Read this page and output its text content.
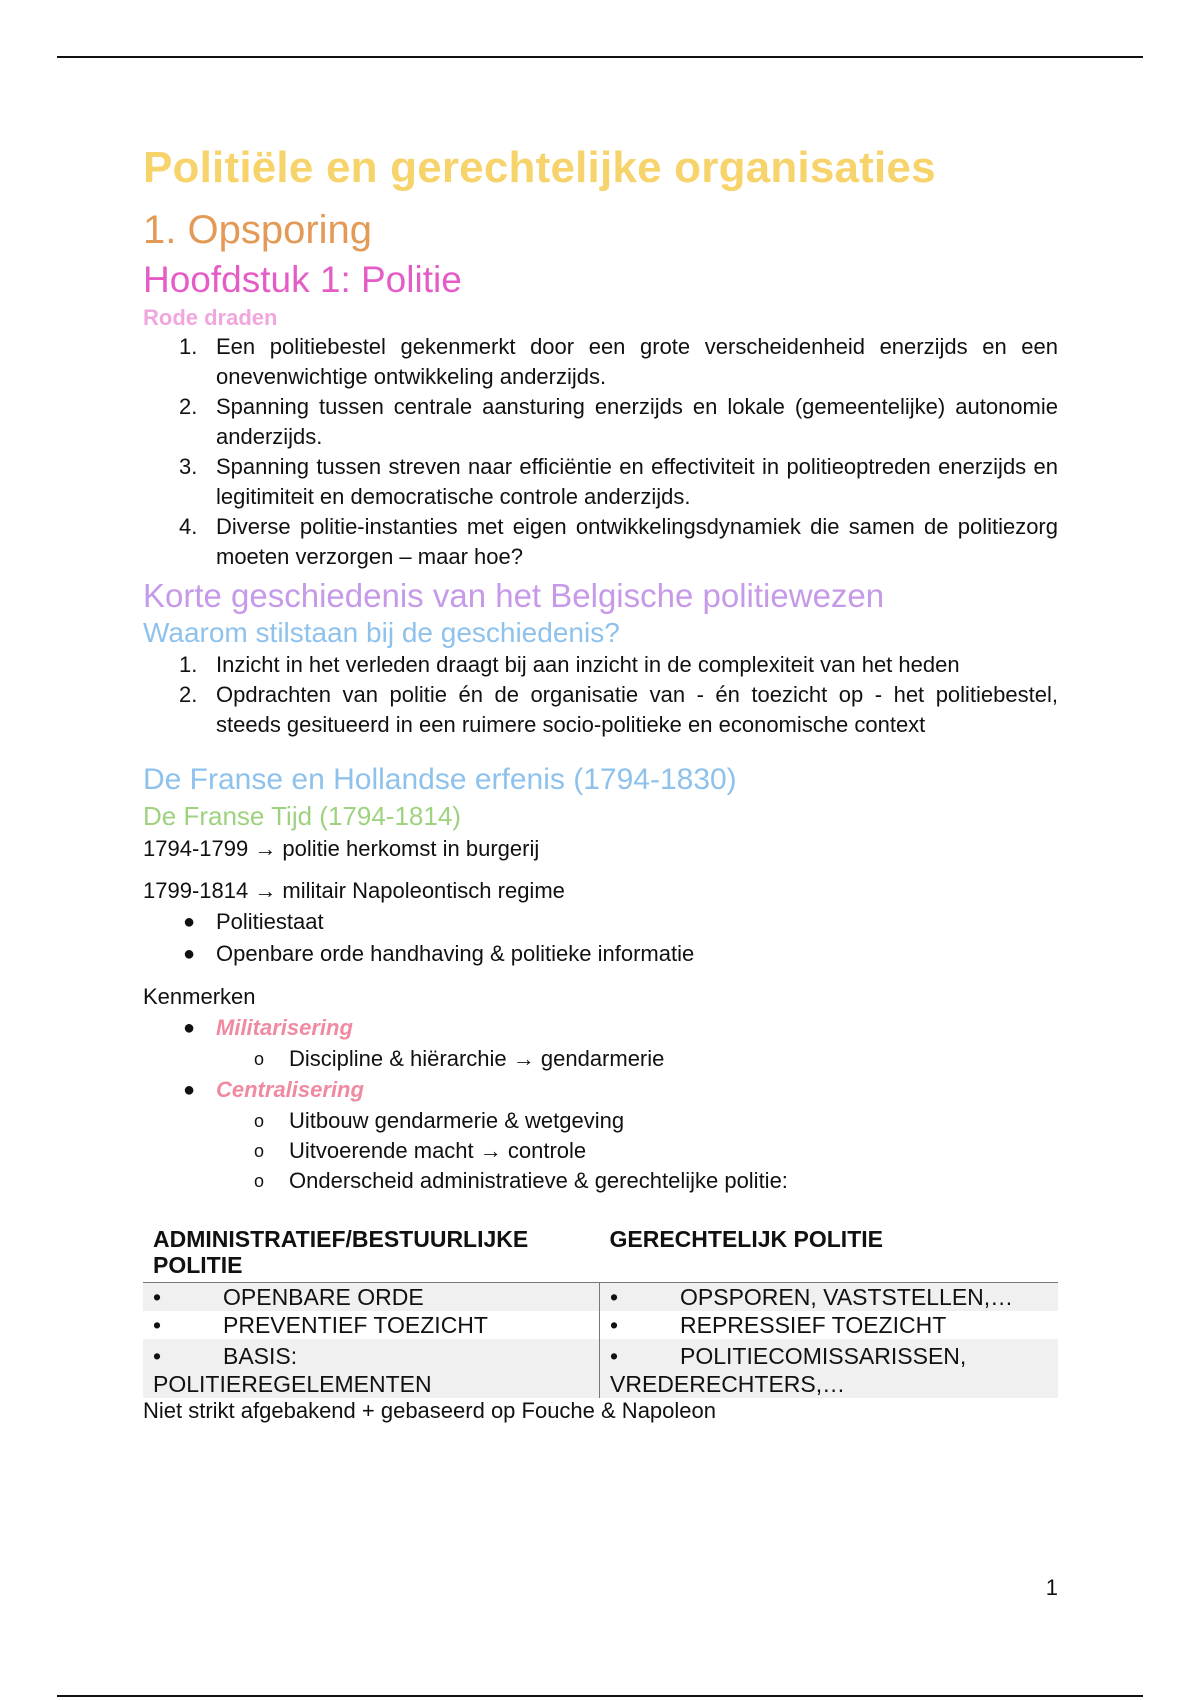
Politiële en gerechtelijke organisaties
1. Opsporing
Hoofdstuk 1: Politie
Rode draden
1. Een politiebestel gekenmerkt door een grote verscheidenheid enerzijds en een onevenwichtige ontwikkeling anderzijds.
2. Spanning tussen centrale aansturing enerzijds en lokale (gemeentelijke) autonomie anderzijds.
3. Spanning tussen streven naar efficiëntie en effectiviteit in politieoptreden enerzijds en legitimiteit en democratische controle anderzijds.
4. Diverse politie-instanties met eigen ontwikkelingsdynamiek die samen de politiezorg moeten verzorgen – maar hoe?
Korte geschiedenis van het Belgische politiewezen
Waarom stilstaan bij de geschiedenis?
1. Inzicht in het verleden draagt bij aan inzicht in de complexiteit van het heden
2. Opdrachten van politie én de organisatie van - én toezicht op - het politiebestel, steeds gesitueerd in een ruimere socio-politieke en economische context
De Franse en Hollandse erfenis (1794-1830)
De Franse Tijd (1794-1814)
1794-1799 → politie herkomst in burgerij
1799-1814 → militair Napoleontisch regime
● Politiestaat
● Openbare orde handhaving & politieke informatie
Kenmerken
● Militarisering
o Discipline & hiërarchie → gendarmerie
● Centralisering
o Uitbouw gendarmerie & wetgeving
o Uitvoerende macht → controle
o Onderscheid administratieve & gerechtelijke politie:
ADMINISTRATIEF/BESTUURLIJKE POLITIE	GERECHTELIJK POLITIE
• OPENBARE ORDE	• OPSPOREN, VASTSTELLEN,…
• PREVENTIEF TOEZICHT	• REPRESSIEF TOEZICHT
• BASIS:	• POLITIECOMISSARISSEN,
POLITIEREGELEMENTEN	VREDERECHTERS,…
Niet strikt afgebakend + gebaseerd op Fouche & Napoleon
1
